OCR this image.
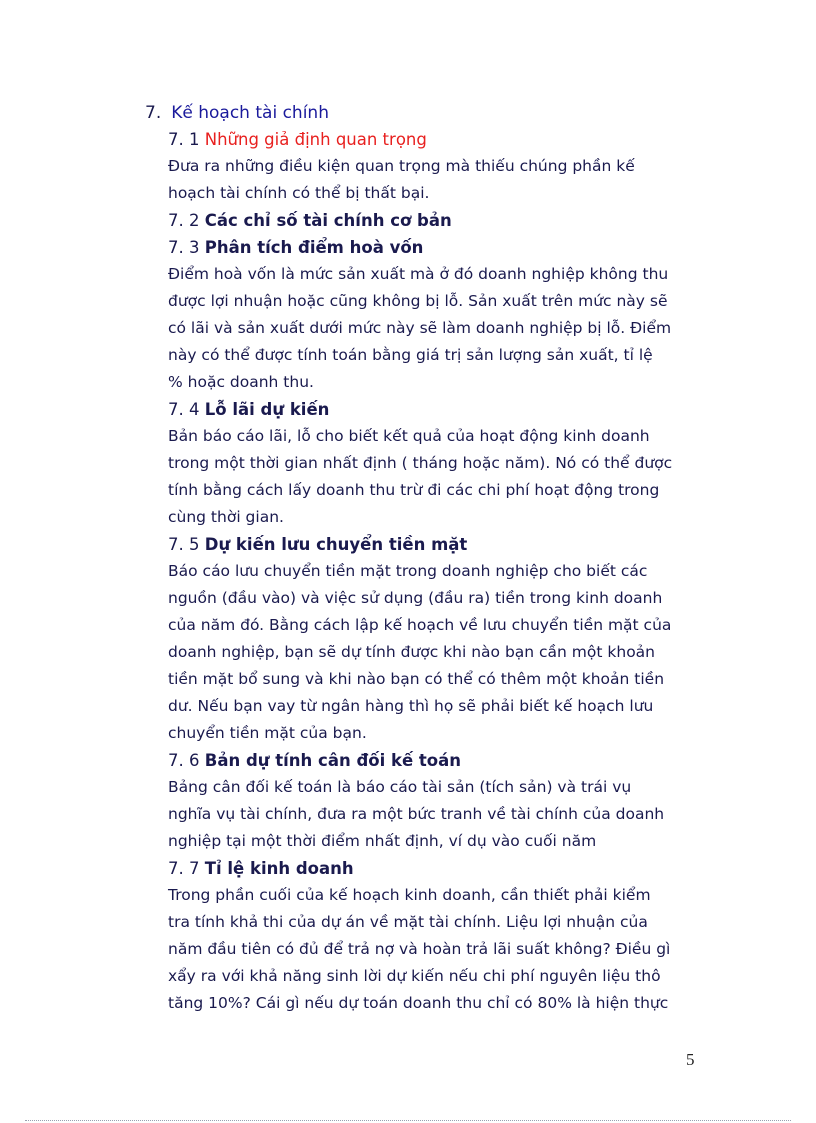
7. Kế hoạch tài chính
7. 1 Những giả định quan trọng
Đưa ra những điều kiện quan trọng mà thiếu chúng phần kế
hoạch tài chính có thể bị thất bại.
7. 2 Các chỉ số tài chính cơ bản
7. 3 Phân tích điểm hoà vốn
Điểm hoà vốn là mức sản xuất mà ở đó doanh nghiệp không thu
được lợi nhuận hoặc cũng không bị lỗ. Sản xuất trên mức này sẽ
có lãi và sản xuất dưới mức này sẽ làm doanh nghiệp bị lỗ. Điểm
này có thể được tính toán bằng giá trị sản lượng sản xuất, tỉ lệ
% hoặc doanh thu.
7. 4 Lỗ lãi dự kiến
Bản báo cáo lãi, lỗ cho biết kết quả của hoạt động kinh doanh
trong một thời gian nhất định ( tháng hoặc năm). Nó có thể được
tính bằng cách lấy doanh thu trừ đi các chi phí hoạt động trong
cùng thời gian.
7. 5 Dự kiến lưu chuyển tiền mặt
Báo cáo lưu chuyển tiền mặt trong doanh nghiệp cho biết các
nguồn (đầu vào) và việc sử dụng (đầu ra) tiền trong kinh doanh
của năm đó. Bằng cách lập kế hoạch về lưu chuyển tiền mặt của
doanh nghiệp, bạn sẽ dự tính được khi nào bạn cần một khoản
tiền mặt bổ sung và khi nào bạn có thể có thêm một khoản tiền
dư. Nếu bạn vay từ ngân hàng thì họ sẽ phải biết kế hoạch lưu
chuyển tiền mặt của bạn.
7. 6 Bản dự tính cân đối kế toán
Bảng cân đối kế toán là báo cáo tài sản (tích sản) và trái vụ
nghĩa vụ tài chính, đưa ra một bức tranh về tài chính của doanh
nghiệp tại một thời điểm nhất định, ví dụ vào cuối năm
7. 7 Tỉ lệ kinh doanh
Trong phần cuối của kế hoạch kinh doanh, cần thiết phải kiểm
tra tính khả thi của dự án về mặt tài chính. Liệu lợi nhuận của
năm đầu tiên có đủ để trả nợ và hoàn trả lãi suất không? Điều gì
xẩy ra với khả năng sinh lời dự kiến nếu chi phí nguyên liệu thô
tăng 10%? Cái gì nếu dự toán doanh thu chỉ có 80% là hiện thực
5
